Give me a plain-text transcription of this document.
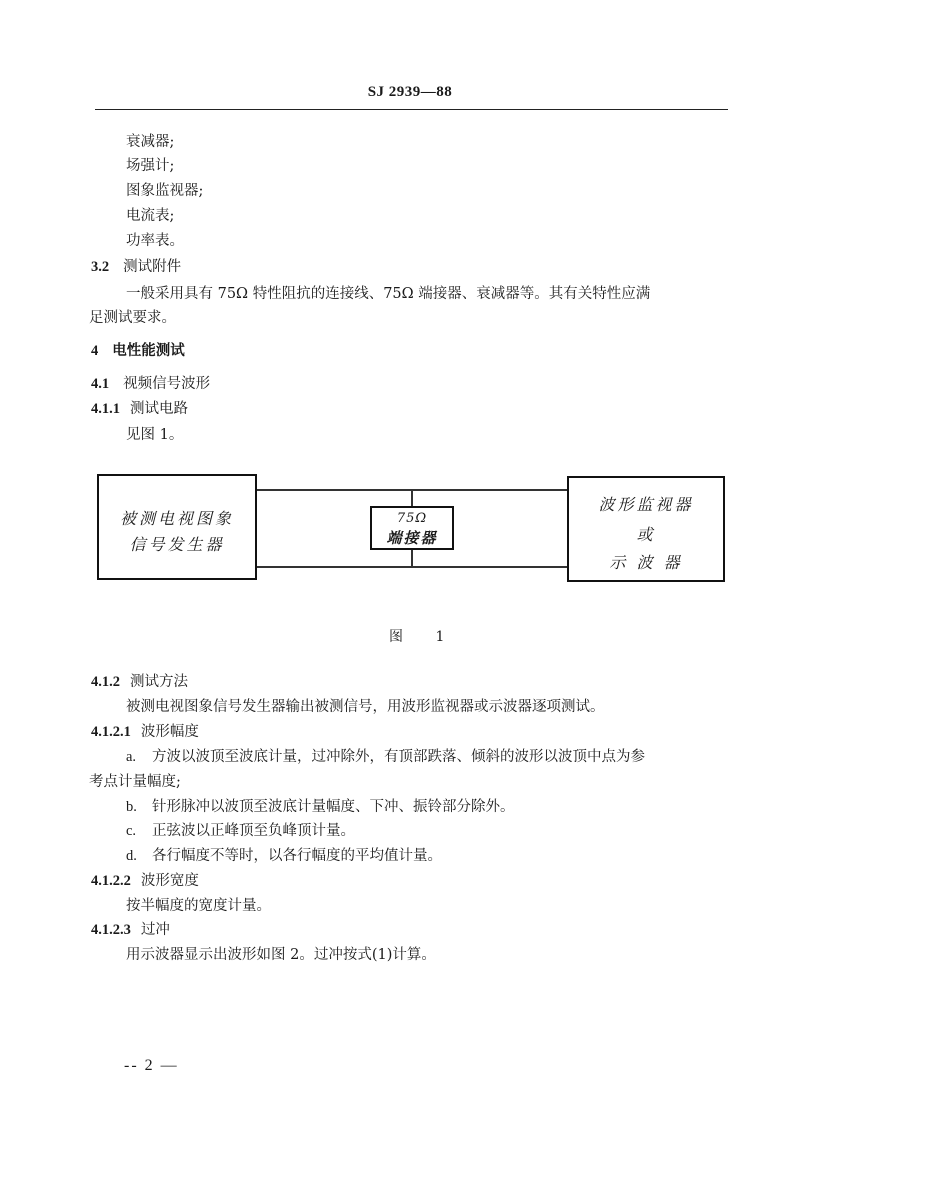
SJ 2939—88
衰减器;
场强计;
图象监视器;
电流表;
功率表。
3.2 测试附件
一般采用具有 75Ω 特性阻抗的连接线、75Ω 端接器、衰减器等。其有关特性应满
足测试要求。
4 电性能测试
4.1 视频信号波形
4.1.1 测试电路
见图 1。
被测电视图象
信号发生器
75Ω
端接器
波形监视器
或
示 波 器
图 1
4.1.2 测试方法
被测电视图象信号发生器输出被测信号，用波形监视器或示波器逐项测试。
4.1.2.1 波形幅度
a. 方波以波顶至波底计量，过冲除外，有顶部跌落、倾斜的波形以波顶中点为参
考点计量幅度;
b. 针形脉冲以波顶至波底计量幅度、下冲、振铃部分除外。
c. 正弦波以正峰顶至负峰顶计量。
d. 各行幅度不等时，以各行幅度的平均值计量。
4.1.2.2 波形宽度
按半幅度的宽度计量。
4.1.2.3 过冲
用示波器显示出波形如图 2。过冲按式(1)计算。
-- 2 —
